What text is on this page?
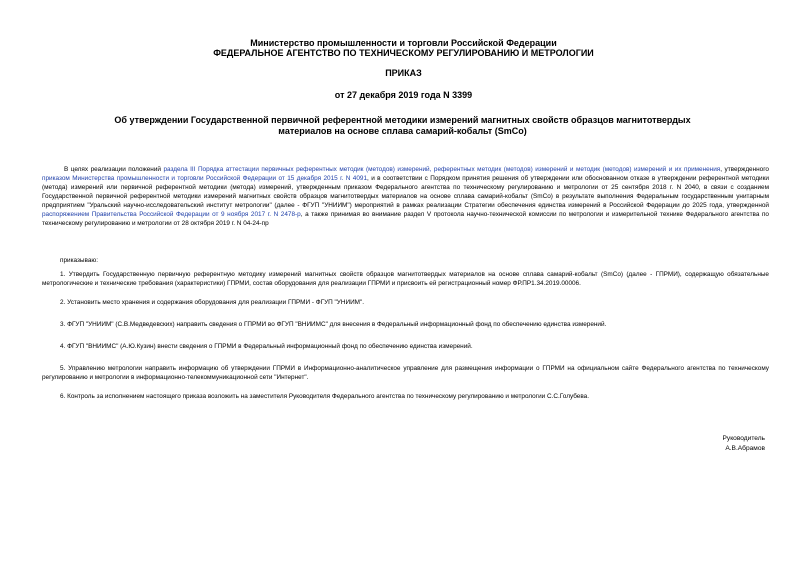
Министерство промышленности и торговли Российской Федерации
ФЕДЕРАЛЬНОЕ АГЕНТСТВО ПО ТЕХНИЧЕСКОМУ РЕГУЛИРОВАНИЮ И МЕТРОЛОГИИ
ПРИКАЗ
от 27 декабря 2019 года N 3399
Об утверждении Государственной первичной референтной методики измерений магнитных свойств образцов магнитотвердых материалов на основе сплава самарий-кобальт (SmCo)
В целях реализации положений раздела III Порядка аттестации первичных референтных методик (методов) измерений, референтных методик (методов) измерений и методик (методов) измерений и их применения, утвержденного приказом Министерства промышленности и торговли Российской Федерации от 15 декабря 2015 г. N 4091, и в соответствии с Порядком принятия решения об утверждении или обоснованном отказе в утверждении референтной методики (метода) измерений или первичной референтной методики (метода) измерений, утвержденным приказом Федерального агентства по техническому регулированию и метрологии от 25 сентября 2018 г. N 2040, в связи с созданием Государственной первичной референтной методики измерений магнитных свойств образцов магнитотвердых материалов на основе сплава самарий-кобальт (SmCo) в результате выполнения Федеральным государственным унитарным предприятием "Уральский научно-исследовательский институт метрологии" (далее - ФГУП "УНИИМ") мероприятий в рамках реализации Стратегии обеспечения единства измерений в Российской Федерации до 2025 года, утвержденной распоряжением Правительства Российской Федерации от 9 ноября 2017 г. N 2478-р, а также принимая во внимание раздел V протокола научно-технической комиссии по метрологии и измерительной технике Федерального агентства по техническому регулированию и метрологии от 28 октября 2019 г. N 04-24-пр
приказываю:
1. Утвердить Государственную первичную референтную методику измерений магнитных свойств образцов магнитотвердых материалов на основе сплава самарий-кобальт (SmCo) (далее - ГПРМИ), содержащую обязательные метрологические и технические требования (характеристики) ГПРМИ, состав оборудования для реализации ГПРМИ и присвоить ей регистрационный номер ФР.ПР1.34.2019.00006.
2. Установить место хранения и содержания оборудования для реализации ГПРМИ - ФГУП "УНИИМ".
3. ФГУП "УНИИМ" (С.В.Медведевских) направить сведения о ГПРМИ во ФГУП "ВНИИМС" для внесения в Федеральный информационный фонд по обеспечению единства измерений.
4. ФГУП "ВНИИМС" (А.Ю.Кузин) внести сведения о ГПРМИ в Федеральный информационный фонд по обеспечению единства измерений.
5. Управлению метрологии направить информацию об утверждении ГПРМИ в Информационно-аналитическое управление для размещения информации о ГПРМИ на официальном сайте Федерального агентства по техническому регулированию и метрологии в информационно-телекоммуникационной сети "Интернет".
6. Контроль за исполнением настоящего приказа возложить на заместителя Руководителя Федерального агентства по техническому регулированию и метрологии С.С.Голубева.
Руководитель
А.В.Абрамов
